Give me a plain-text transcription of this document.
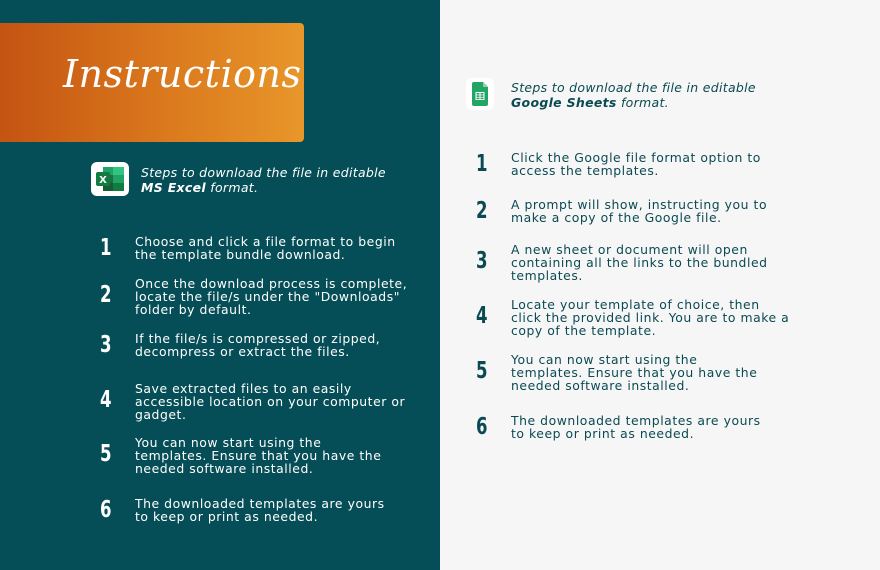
Instructions
X
Steps to download the file in editable
MS Excel format.
1 Choose and click a file format to begin the template bundle download.
2 Once the download process is complete, locate the file/s under the "Downloads" folder by default.
3 If the file/s is compressed or zipped, decompress or extract the files.
4 Save extracted files to an easily accessible location on your computer or gadget.
5 You can now start using the templates. Ensure that you have the needed software installed.
6 The downloaded templates are yours to keep or print as needed.
Steps to download the file in editable
Google Sheets format.
1 Click the Google file format option to access the templates.
2 A prompt will show, instructing you to make a copy of the Google file.
3 A new sheet or document will open containing all the links to the bundled templates.
4 Locate your template of choice, then click the provided link. You are to make a copy of the template.
5 You can now start using the templates. Ensure that you have the needed software installed.
6 The downloaded templates are yours to keep or print as needed.
